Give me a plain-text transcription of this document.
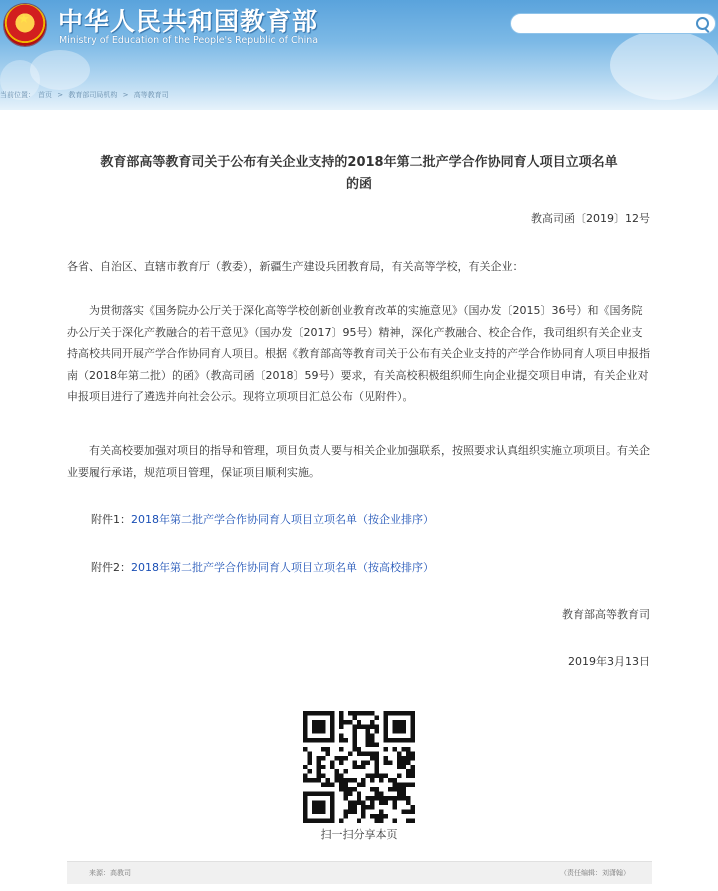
★ 中华人民共和国教育部
Ministry of Education of the People's Republic of China
当前位置： 首页 > 教育部司局机构 > 高等教育司
教育部高等教育司关于公布有关企业支持的2018年第二批产学合作协同育人项目立项名单
的函
教高司函〔2019〕12号

各省、自治区、直辖市教育厅（教委），新疆生产建设兵团教育局，有关高等学校，有关企业：

为贯彻落实《国务院办公厅关于深化高等学校创新创业教育改革的实施意见》（国办发〔2015〕36号）和《国务院办公厅关于深化产教融合的若干意见》（国办发〔2017〕95号）精神，深化产教融合、校企合作，我司组织有关企业支持高校共同开展产学合作协同育人项目。根据《教育部高等教育司关于公布有关企业支持的产学合作协同育人项目申报指南（2018年第二批）的函》（教高司函〔2018〕59号）要求，有关高校积极组织师生向企业提交项目申请，有关企业对申报项目进行了遴选并向社会公示。现将立项项目汇总公布（见附件）。

有关高校要加强对项目的指导和管理，项目负责人要与相关企业加强联系，按照要求认真组织实施立项项目。有关企业要履行承诺，规范项目管理，保证项目顺利实施。

附件1：2018年第二批产学合作协同育人项目立项名单（按企业排序）
附件2：2018年第二批产学合作协同育人项目立项名单（按高校排序）
教育部高等教育司
2019年3月13日
扫一扫分享本页
来源：高教司	（责任编辑：刘潇翰）
